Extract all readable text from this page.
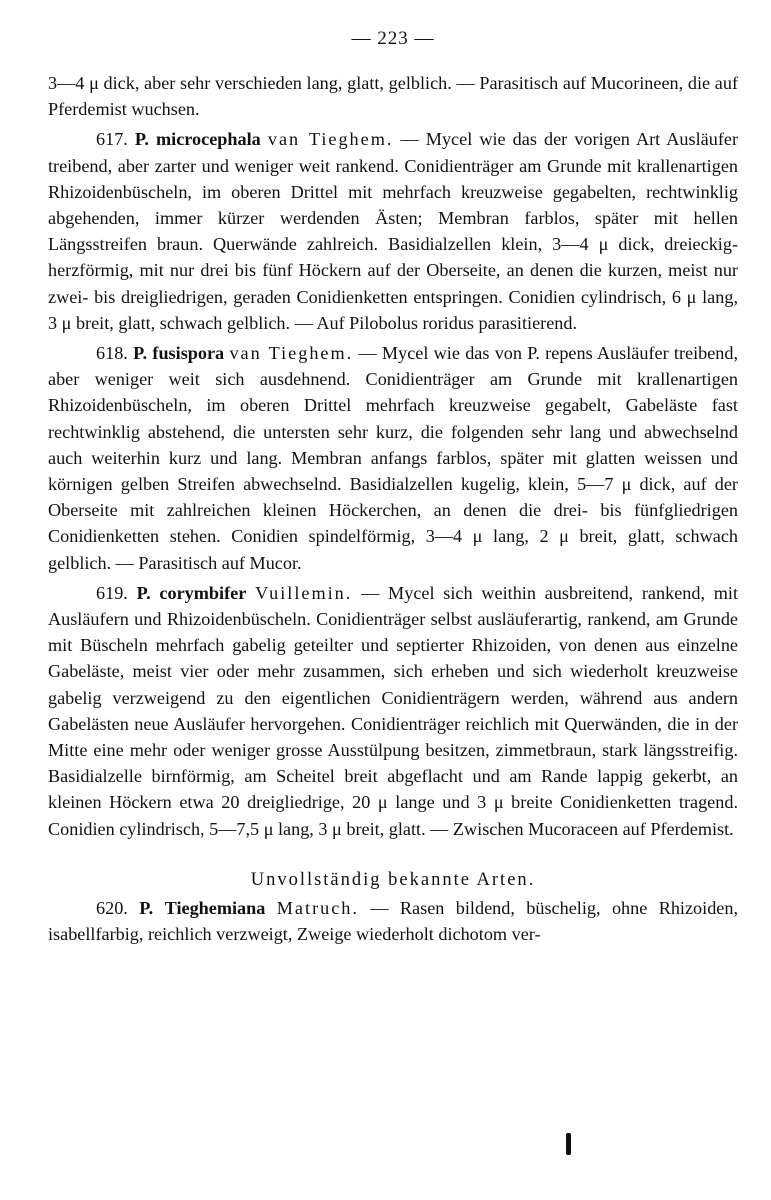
— 223 —

3—4 μ dick, aber sehr verschieden lang, glatt, gelblich. — Parasitisch auf Mucorineen, die auf Pferdemist wuchsen.

617. P. microcephala van Tieghem. — Mycel wie das der vorigen Art Ausläufer treibend, aber zarter und weniger weit rankend. Conidienträger am Grunde mit krallenartigen Rhizoidenbüscheln, im oberen Drittel mit mehrfach kreuzweise gegabelten, rechtwinklig abgehenden, immer kürzer werdenden Ästen; Membran farblos, später mit hellen Längsstreifen braun. Querwände zahlreich. Basidialzellen klein, 3—4 μ dick, dreieckig-herzförmig, mit nur drei bis fünf Höckern auf der Oberseite, an denen die kurzen, meist nur zwei- bis dreigliedrigen, geraden Conidienketten entspringen. Conidien cylindrisch, 6 μ lang, 3 μ breit, glatt, schwach gelblich. — Auf Pilobolus roridus parasitierend.

618. P. fusispora van Tieghem. — Mycel wie das von P. repens Ausläufer treibend, aber weniger weit sich ausdehnend. Conidienträger am Grunde mit krallenartigen Rhizoidenbüscheln, im oberen Drittel mehrfach kreuzweise gegabelt, Gabeläste fast rechtwinklig abstehend, die untersten sehr kurz, die folgenden sehr lang und abwechselnd auch weiterhin kurz und lang. Membran anfangs farblos, später mit glatten weissen und körnigen gelben Streifen abwechselnd. Basidialzellen kugelig, klein, 5—7 μ dick, auf der Oberseite mit zahlreichen kleinen Höckerchen, an denen die drei- bis fünfgliedrigen Conidienketten stehen. Conidien spindelförmig, 3—4 μ lang, 2 μ breit, glatt, schwach gelblich. — Parasitisch auf Mucor.

619. P. corymbifer Vuillemin. — Mycel sich weithin ausbreitend, rankend, mit Ausläufern und Rhizoidenbüscheln. Conidienträger selbst ausläuferartig, rankend, am Grunde mit Büscheln mehrfach gabelig geteilter und septierter Rhizoiden, von denen aus einzelne Gabeläste, meist vier oder mehr zusammen, sich erheben und sich wiederholt kreuzweise gabelig verzweigend zu den eigentlichen Conidienträgern werden, während aus andern Gabelästen neue Ausläufer hervorgehen. Conidienträger reichlich mit Querwänden, die in der Mitte eine mehr oder weniger grosse Ausstülpung besitzen, zimmetbraun, stark längsstreifig. Basidialzelle birnförmig, am Scheitel breit abgeflacht und am Rande lappig gekerbt, an kleinen Höckern etwa 20 dreigliedrige, 20 μ lange und 3 μ breite Conidienketten tragend. Conidien cylindrisch, 5—7,5 μ lang, 3 μ breit, glatt. — Zwischen Mucoraceen auf Pferdemist.

Unvollständig bekannte Arten.

620. P. Tieghemiana Matruch. — Rasen bildend, büschelig, ohne Rhizoiden, isabellfarbig, reichlich verzweigt, Zweige wiederholt dichotom ver-
